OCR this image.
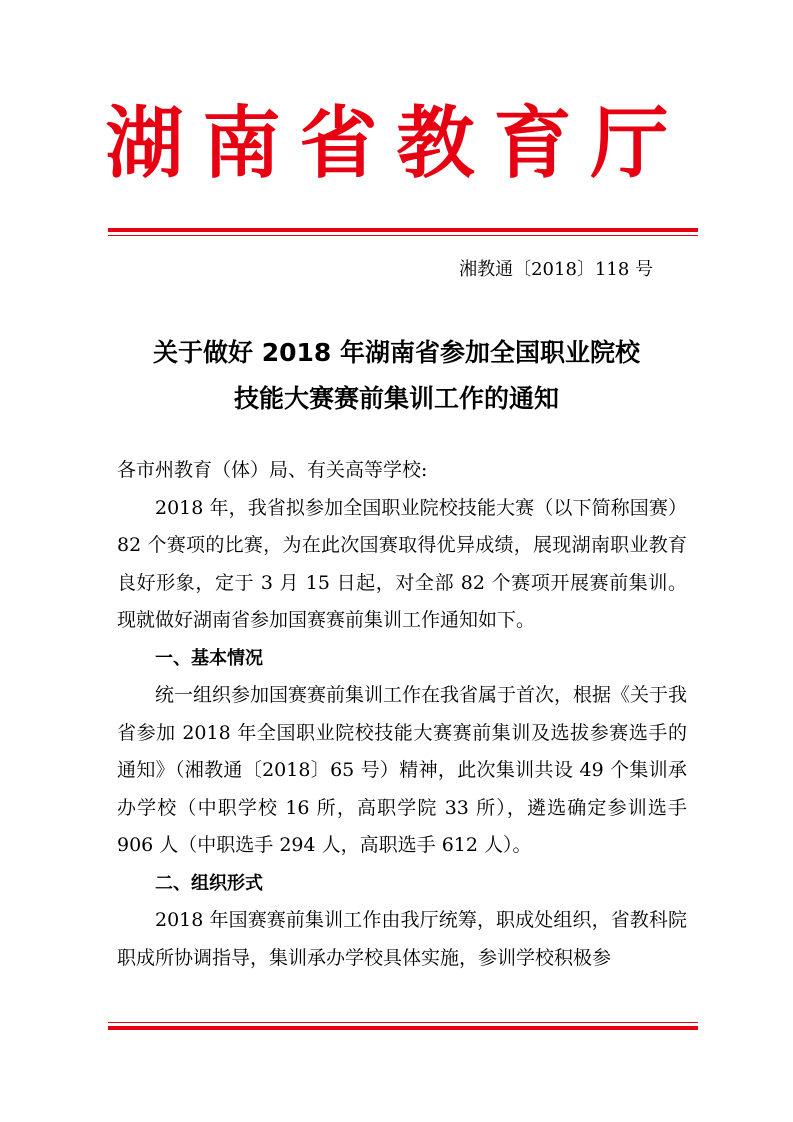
湖南省教育厅
湘教通〔2018〕118 号
关于做好 2018 年湖南省参加全国职业院校
技能大赛赛前集训工作的通知

各市州教育（体）局、有关高等学校:

2018 年，我省拟参加全国职业院校技能大赛（以下简称国赛）82 个赛项的比赛，为在此次国赛取得优异成绩，展现湖南职业教育良好形象，定于 3 月 15 日起，对全部 82 个赛项开展赛前集训。现就做好湖南省参加国赛赛前集训工作通知如下。

一、基本情况

统一组织参加国赛赛前集训工作在我省属于首次，根据《关于我省参加 2018 年全国职业院校技能大赛赛前集训及选拔参赛选手的通知》（湘教通〔2018〕65 号）精神，此次集训共设 49 个集训承办学校（中职学校 16 所，高职学院 33 所），遴选确定参训选手 906 人（中职选手 294 人，高职选手 612 人）。

二、组织形式

2018 年国赛赛前集训工作由我厅统筹，职成处组织，省教科院职成所协调指导，集训承办学校具体实施，参训学校积极参
